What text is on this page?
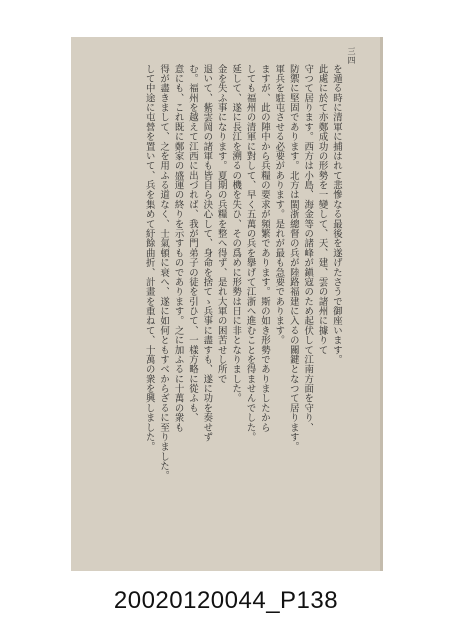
三四

を遁る時に清軍に捕はれて悲慘なる最後を遂げたさうで御座います。

此處に於て亦鄭成功の形勢を一變して、天、建、雲の諸州に據りて

守つて居ります。西方は小島、海金等の諸峰が鎭寇のため起伏して江南方面を守り、

防禦に堅固であります。北方は閩浙總督の兵が陸路福建に入るの關鍵となつて居ります。

軍兵を駐屯させる必要があります。是れが最も急要であります。

ますが、此の陣中から兵糧の要求が頻繁であります。斯の如き形勢でありましたから

しても福州の清軍に對して、早く五萬の兵を擧げて江浙へ進むことを得ませんでした。

延して、遂に長江を溯るの機を失ひ、その爲めに形勢は日に非となりました。

金を失ふ事になります。夏期の兵糧を整へ得ず、是れ大軍の困苦せし所で

退いて、紫雲岡の諸軍も皆自ら決心して、身命を捨てゝ兵事に盡すも、遂に功を奏せず

む。福州を越えて江西に出づれば、我が門弟子の徒を引ひて、一樣方略に從ふも、

意にも、これ既に鄭家の盛運の終りを示すものであります。之に加ふるに十萬の衆も

得が盡きまして、之を用ふる道なく、士氣頓に衰へ、遂に如何ともすべからざるに至りました。

して中途に屯營を置いて、兵を集めて紆餘曲折、計畫を重ねて、十萬の衆を興しました。

20020120044_P138
